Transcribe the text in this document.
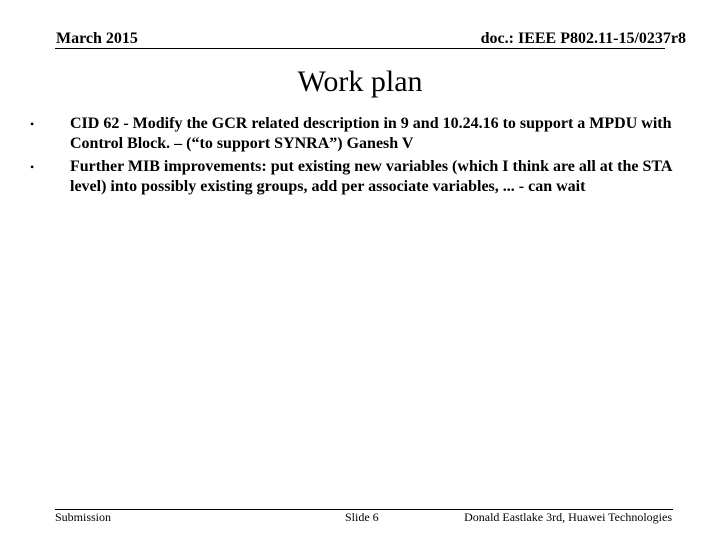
March 2015	doc.: IEEE P802.11-15/0237r8
Work plan
•	CID 62 - Modify the GCR related description in 9 and 10.24.16 to support a MPDU with Control Block. – (“to support SYNRA”) Ganesh V
•	Further MIB improvements: put existing new variables (which I think are all at the STA level) into possibly existing groups, add per associate variables, ... - can wait
Submission	Slide 6	Donald Eastlake 3rd, Huawei Technologies
